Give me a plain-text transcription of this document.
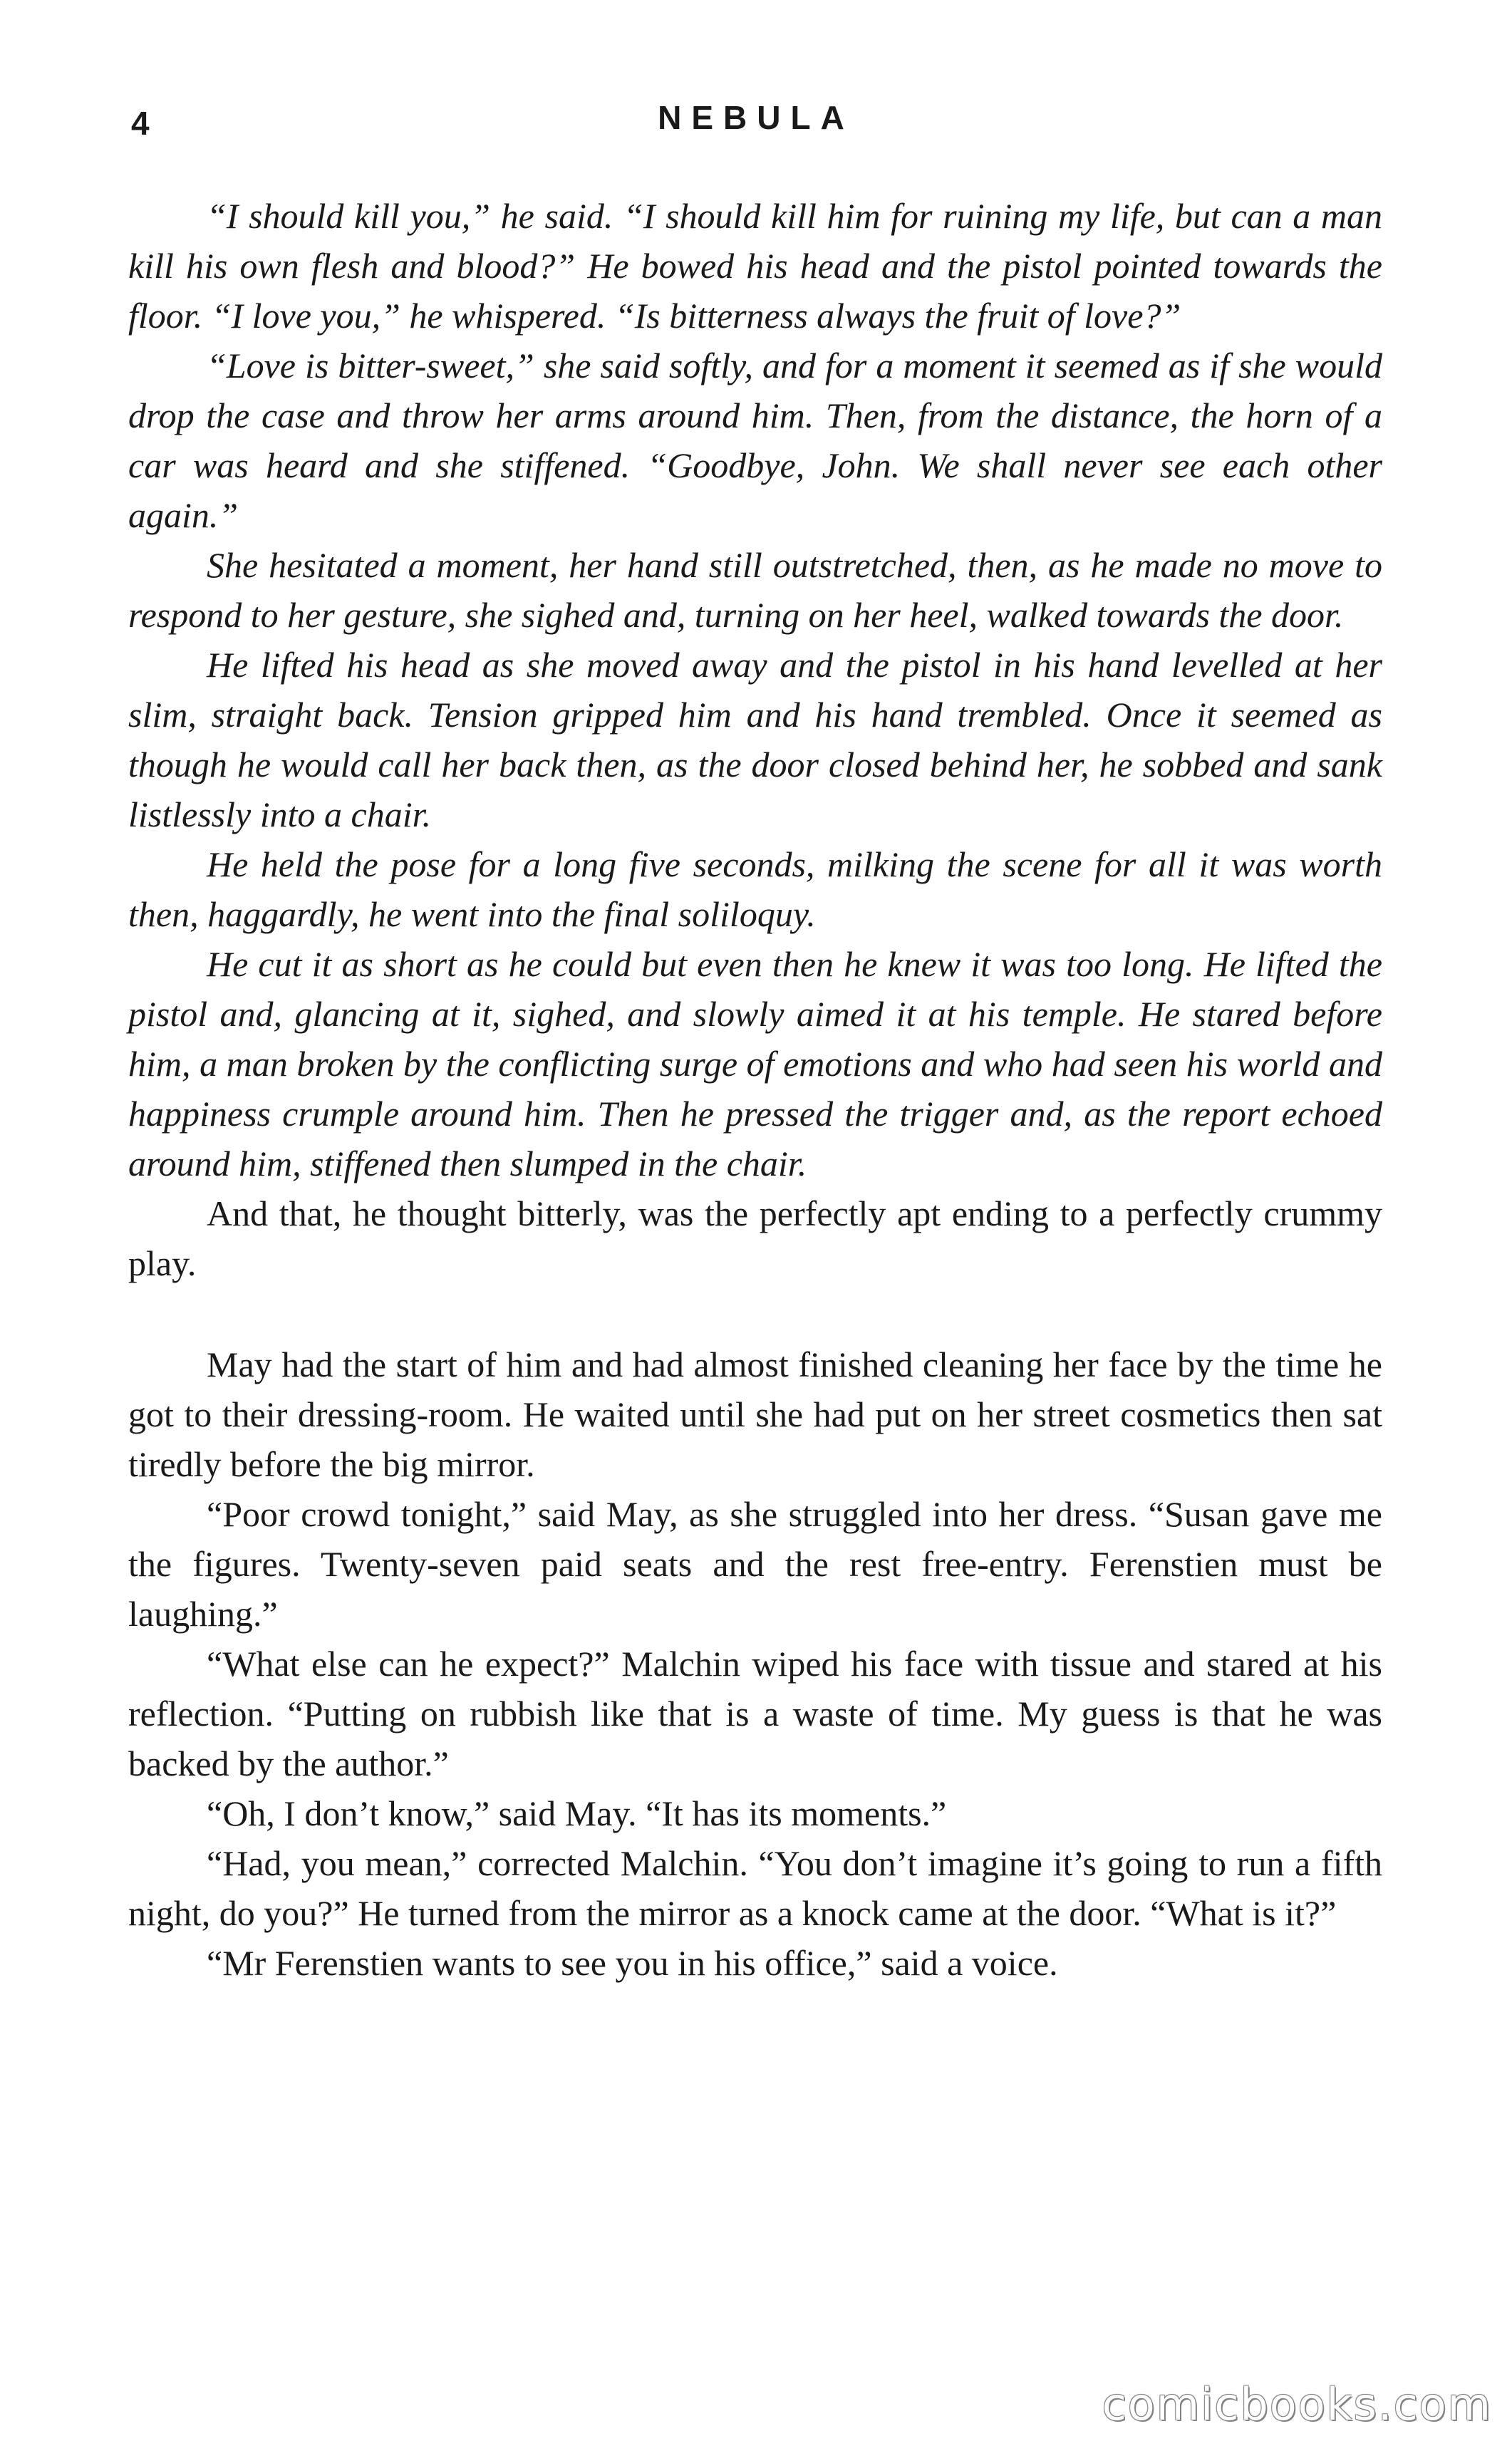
4	NEBULA

“I should kill you,” he said. “I should kill him for ruining my life, but can a man kill his own flesh and blood?” He bowed his head and the pistol pointed towards the floor. “I love you,” he whispered. “Is bitterness always the fruit of love?”

“Love is bitter-sweet,” she said softly, and for a moment it seemed as if she would drop the case and throw her arms around him. Then, from the distance, the horn of a car was heard and she stiffened. “Goodbye, John. We shall never see each other again.”

She hesitated a moment, her hand still outstretched, then, as he made no move to respond to her gesture, she sighed and, turning on her heel, walked towards the door.

He lifted his head as she moved away and the pistol in his hand levelled at her slim, straight back. Tension gripped him and his hand trembled. Once it seemed as though he would call her back then, as the door closed behind her, he sobbed and sank listlessly into a chair.

He held the pose for a long five seconds, milking the scene for all it was worth then, haggardly, he went into the final soliloquy.

He cut it as short as he could but even then he knew it was too long. He lifted the pistol and, glancing at it, sighed, and slowly aimed it at his temple. He stared before him, a man broken by the conflicting surge of emotions and who had seen his world and happiness crumple around him. Then he pressed the trigger and, as the report echoed around him, stiffened then slumped in the chair.

And that, he thought bitterly, was the perfectly apt ending to a perfectly crummy play.

May had the start of him and had almost finished cleaning her face by the time he got to their dressing-room. He waited until she had put on her street cosmetics then sat tiredly before the big mirror.

“Poor crowd tonight,” said May, as she struggled into her dress. “Susan gave me the figures. Twenty-seven paid seats and the rest free-entry. Ferenstien must be laughing.”

“What else can he expect?” Malchin wiped his face with tissue and stared at his reflection. “Putting on rubbish like that is a waste of time. My guess is that he was backed by the author.”

“Oh, I don’t know,” said May. “It has its moments.”

“Had, you mean,” corrected Malchin. “You don’t imagine it’s going to run a fifth night, do you?” He turned from the mirror as a knock came at the door. “What is it?”

“Mr Ferenstien wants to see you in his office,” said a voice.

comicbooks.com
